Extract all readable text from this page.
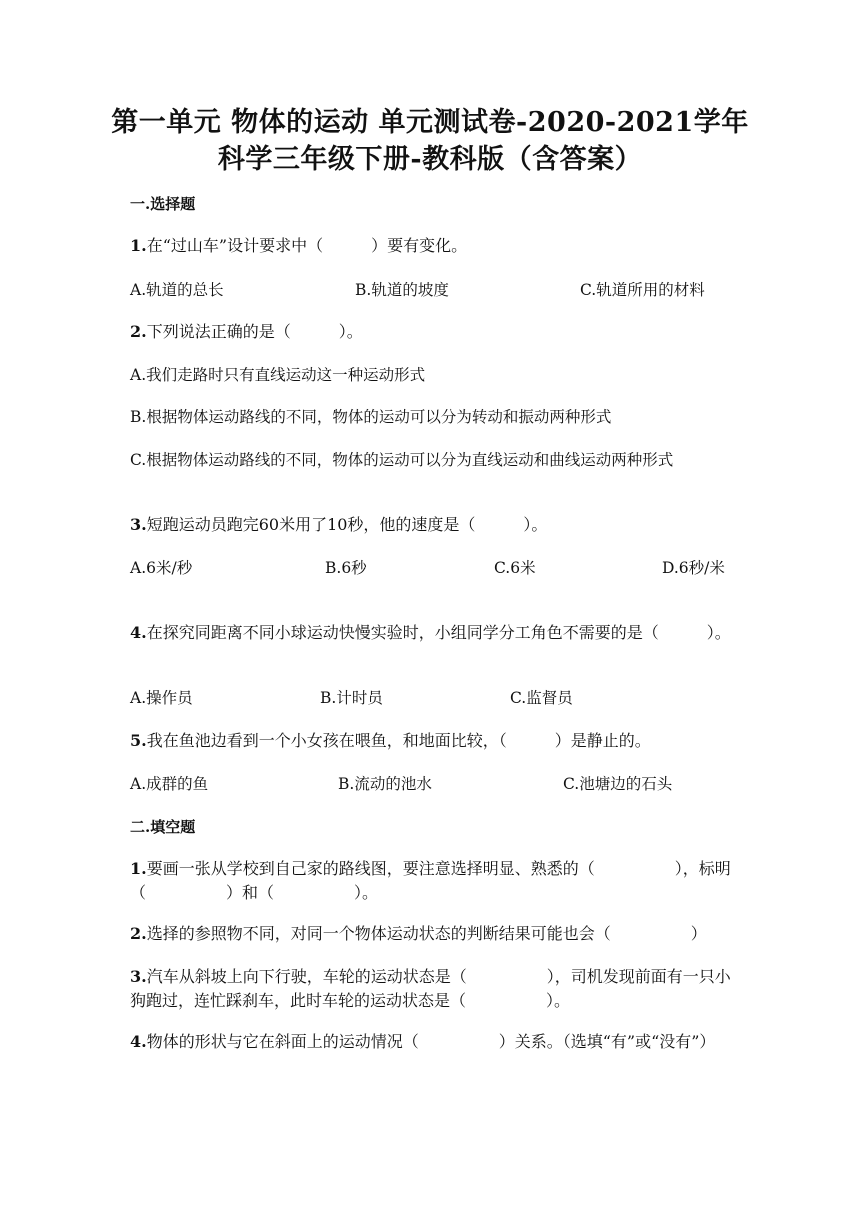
第一单元 物体的运动 单元测试卷-2020-2021学年
科学三年级下册-教科版（含答案）
一.选择题
1.在“过山车”设计要求中（　　　）要有变化。
A.轨道的总长	B.轨道的坡度	C.轨道所用的材料
2.下列说法正确的是（　　　）。
A.我们走路时只有直线运动这一种运动形式
B.根据物体运动路线的不同，物体的运动可以分为转动和振动两种形式
C.根据物体运动路线的不同，物体的运动可以分为直线运动和曲线运动两种形式
3.短跑运动员跑完60米用了10秒，他的速度是（　　　）。
A.6米/秒	B.6秒	C.6米	D.6秒/米
4.在探究同距离不同小球运动快慢实验时，小组同学分工角色不需要的是（　　　）。
A.操作员	B.计时员	C.监督员
5.我在鱼池边看到一个小女孩在喂鱼，和地面比较，（　　　）是静止的。
A.成群的鱼	B.流动的池水	C.池塘边的石头
二.填空题
1.要画一张从学校到自己家的路线图，要注意选择明显、熟悉的（　　　　　），标明（　　　　　）和（　　　　　）。
2.选择的参照物不同，对同一个物体运动状态的判断结果可能也会（　　　　　）
3.汽车从斜坡上向下行驶，车轮的运动状态是（　　　　　），司机发现前面有一只小狗跑过，连忙踩刹车，此时车轮的运动状态是（　　　　　）。
4.物体的形状与它在斜面上的运动情况（　　　　　）关系。（选填“有”或“没有”）
